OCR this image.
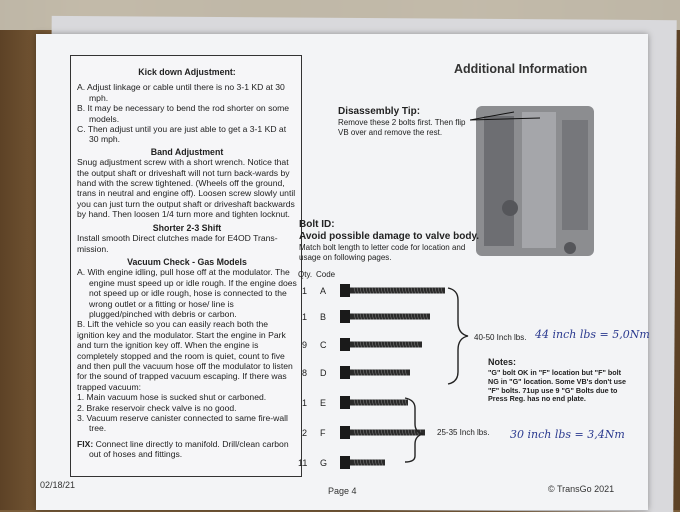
Additional Information

Kick down Adjustment:

A. Adjust linkage or cable until there is no 3-1 KD at 30 mph.

B. It may be necessary to bend the rod shorter on some models.

C. Then adjust until you are just able to get a 3-1 KD at 30 mph.

Band Adjustment

Snug adjustment screw with a short wrench. Notice that the output shaft or driveshaft will not turn back-wards by hand with the screw tightened. (Wheels off the ground, trans in neutral and engine off). Loosen screw slowly until you can just turn the output shaft or driveshaft backwards by hand. Then loosen 1/4 turn more and tighten locknut.

Shorter 2-3 Shift

Install smooth Direct clutches made for E4OD Trans-mission.

Vacuum Check - Gas Models

A. With engine idling, pull hose off at the modulator. The engine must speed up or idle rough. If the engine does not speed up or idle rough, hose is connected to the wrong outlet or a fitting or hose/ line is plugged/pinched with debris or carbon.

B. Lift the vehicle so you can easily reach both the ignition key and the modulator. Start the engine in Park and turn the ignition key off. When the engine is completely stopped and the room is quiet, count to five and then pull the vacuum hose off the modulator to listen for the sound of trapped vacuum escaping. If there was trapped vacuum:

1. Main vacuum hose is sucked shut or carboned.

2. Brake reservoir check valve is no good.

3. Vacuum reserve canister connected to same fire-wall tree.

FIX: Connect line directly to manifold. Drill/clean carbon out of hoses and fittings.

Disassembly Tip:
Remove these 2 bolts first. Then flip VB over and remove the rest.
Bolt ID:
Avoid possible damage to valve body.
Match bolt length to letter code for location and usage on following pages.
Qty. Code
1 A
1 B
9 C
8 D
1 E
2 F
11 G
40-50 Inch lbs.
25-35 Inch lbs.
44 inch lbs = 5,0Nm
30 inch lbs = 3,4Nm
Notes:
"G" bolt OK in "F" location but "F" bolt NG in "G" location. Some VB's don't use "F" bolts. 71up use 9 "G" Bolts due to Press Reg. has no end plate.
02/18/21
Page 4	© TransGo 2021
